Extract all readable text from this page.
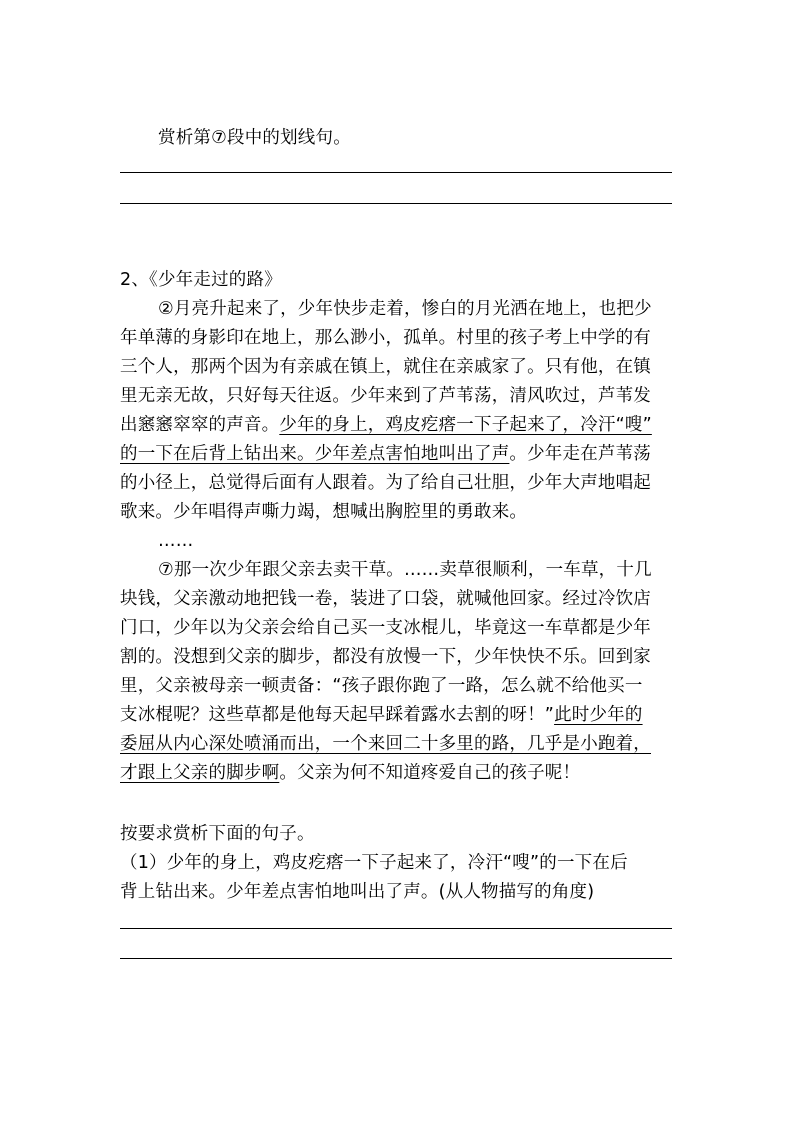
赏析第⑦段中的划线句。
2、《少年走过的路》
②月亮升起来了，少年快步走着，惨白的月光洒在地上，也把少
年单薄的身影印在地上，那么渺小，孤单。村里的孩子考上中学的有
三个人，那两个因为有亲戚在镇上，就住在亲戚家了。只有他，在镇
里无亲无故，只好每天往返。少年来到了芦苇荡，清风吹过，芦苇发
出窸窸窣窣的声音。少年的身上，鸡皮疙瘩一下子起来了，冷汗“嗖”
的一下在后背上钻出来。少年差点害怕地叫出了声。少年走在芦苇荡
的小径上，总觉得后面有人跟着。为了给自己壮胆，少年大声地唱起
歌来。少年唱得声嘶力竭，想喊出胸腔里的勇敢来。
……
⑦那一次少年跟父亲去卖干草。……卖草很顺利，一车草，十几
块钱，父亲激动地把钱一卷，装进了口袋，就喊他回家。经过冷饮店
门口，少年以为父亲会给自己买一支冰棍儿，毕竟这一车草都是少年
割的。没想到父亲的脚步，都没有放慢一下，少年快快不乐。回到家
里，父亲被母亲一顿责备：“孩子跟你跑了一路，怎么就不给他买一
支冰棍呢？这些草都是他每天起早踩着露水去割的呀！”此时少年的
委屈从内心深处喷涌而出，一个来回二十多里的路，几乎是小跑着，
才跟上父亲的脚步啊。父亲为何不知道疼爱自己的孩子呢！
按要求赏析下面的句子。
（1）少年的身上，鸡皮疙瘩一下子起来了，冷汗“嗖”的一下在后
背上钻出来。少年差点害怕地叫出了声。(从人物描写的角度)
